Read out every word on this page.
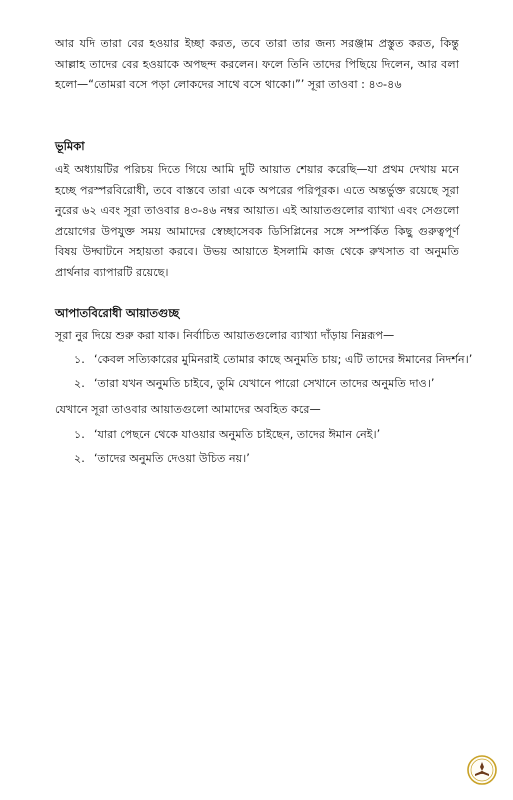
আর যদি তারা বের হওয়ার ইচ্ছা করত, তবে তারা তার জন্য সরঞ্জাম প্রস্তুত করত, কিন্তু আল্লাহ তাদের বের হওয়াকে অপছন্দ করলেন। ফলে তিনি তাদের পিছিয়ে দিলেন, আর বলা হলো—“তোমরা বসে পড়া লোকদের সাথে বসে থাকো।”’ সূরা তাওবা : ৪৩-৪৬

ভূমিকা

এই অধ্যায়টির পরিচয় দিতে গিয়ে আমি দুটি আয়াত শেয়ার করেছি—যা প্রথম দেখায় মনে হচ্ছে পরস্পরবিরোধী, তবে বাস্তবে তারা একে অপরের পরিপূরক। এতে অন্তর্ভুক্ত রয়েছে সূরা নুরের ৬২ এবং সূরা তাওবার ৪৩-৪৬ নম্বর আয়াত। এই আয়াতগুলোর ব্যাখ্যা এবং সেগুলো প্রয়োগের উপযুক্ত সময় আমাদের স্বেচ্ছাসেবক ডিসিপ্লিনের সঙ্গে সম্পর্কিত কিছু গুরুত্বপূর্ণ বিষয় উদ্ঘাটনে সহায়তা করবে। উভয় আয়াতে ইসলামি কাজ থেকে রুখসাত বা অনুমতি প্রার্থনার ব্যাপারটি রয়েছে।

আপাতবিরোধী আয়াতগুচ্ছ

সূরা নুর দিয়ে শুরু করা যাক। নির্বাচিত আয়াতগুলোর ব্যাখ্যা দাঁড়ায় নিম্নরূপ—

১. ‘কেবল সত্যিকারের মুমিনরাই তোমার কাছে অনুমতি চায়; এটি তাদের ঈমানের নিদর্শন।’

২. ‘তারা যখন অনুমতি চাইবে, তুমি যেখানে পারো সেখানে তাদের অনুমতি দাও।’

যেখানে সূরা তাওবার আয়াতগুলো আমাদের অবহিত করে—

১. ‘যারা পেছনে থেকে যাওয়ার অনুমতি চাইছেন, তাদের ঈমান নেই।’

২. ‘তাদের অনুমতি দেওয়া উচিত নয়।’
